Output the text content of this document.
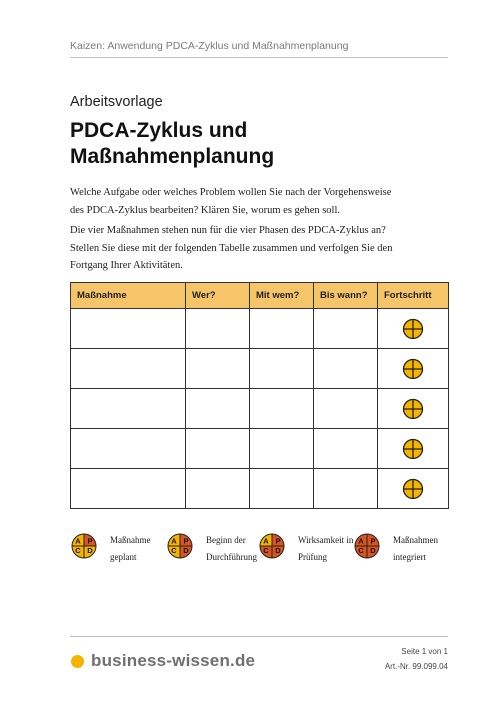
Kaizen: Anwendung PDCA-Zyklus und Maßnahmenplanung
Arbeitsvorlage
PDCA-Zyklus und
Maßnahmenplanung
Welche Aufgabe oder welches Problem wollen Sie nach der Vorgehensweise
des PDCA-Zyklus bearbeiten? Klären Sie, worum es gehen soll.
Die vier Maßnahmen stehen nun für die vier Phasen des PDCA-Zyklus an?
Stellen Sie diese mit der folgenden Tabelle zusammen und verfolgen Sie den
Fortgang Ihrer Aktivitäten.
Maßnahme	Wer?	Mit wem?	Bis wann?	Fortschritt

A P
C D
Maßnahme
geplant
A P
C D
Beginn der
Durchführung
A P
C D
Wirksamkeit in
Prüfung
A P
C D
Maßnahmen
integriert
business-wissen.de	Seite 1 von 1
Art.-Nr. 99.099.04
